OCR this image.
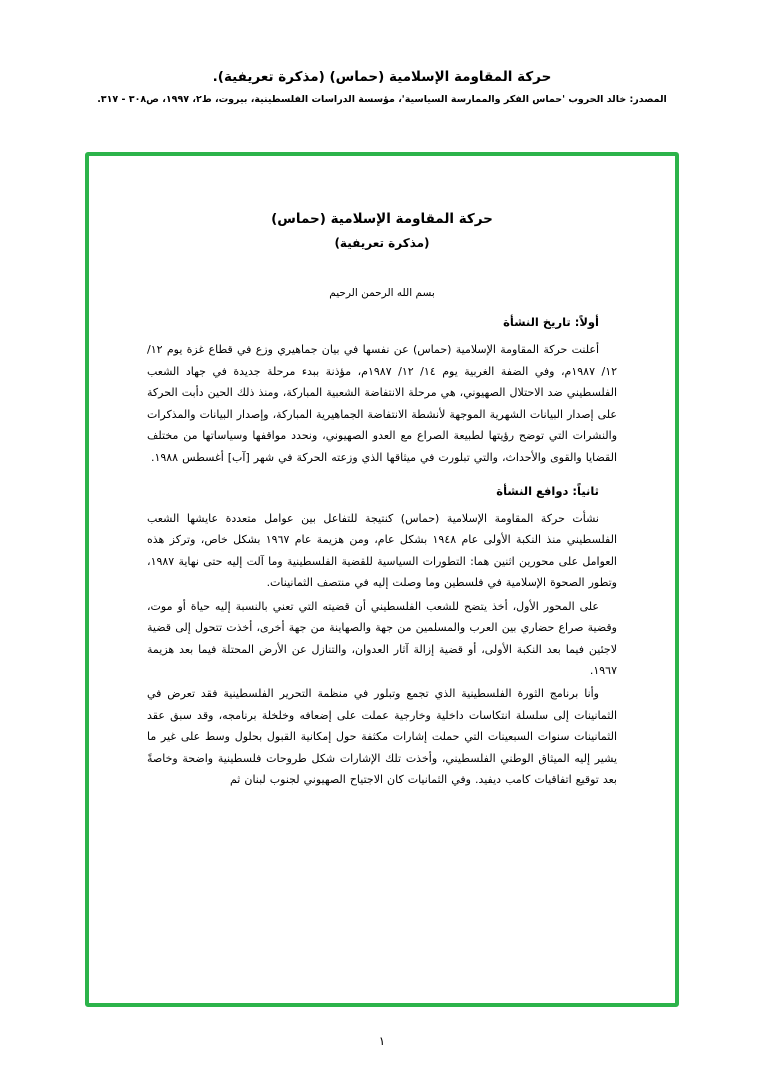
حركة المقاومة الإسلامية (حماس) (مذكرة تعريفية).
المصدر: خالد الحروب 'حماس الفكر والممارسة السياسية'، مؤسسة الدراسات الفلسطينية، بيروت، ط٢، ١٩٩٧، ص٣٠٨ - ٣١٧.
حركة المقاومة الإسلامية (حماس)
(مذكرة تعريفية)
بسم الله الرحمن الرحيم
أولاً: تاريخ النشأة

أعلنت حركة المقاومة الإسلامية (حماس) عن نفسها في بيان جماهيري وزع في قطاع غزة يوم ١٢/ ١٢/ ١٩٨٧م، وفي الضفة الغربية يوم ١٤/ ١٢/ ١٩٨٧م، مؤذنة ببدء مرحلة جديدة في جهاد الشعب الفلسطيني ضد الاحتلال الصهيوني، هي مرحلة الانتفاضة الشعبية المباركة، ومنذ ذلك الحين دأبت الحركة على إصدار البيانات الشهرية الموجهة لأنشطة الانتفاضة الجماهيرية المباركة، وإصدار البيانات والمذكرات والنشرات التي توضح رؤيتها لطبيعة الصراع مع العدو الصهيوني، ونحدد مواقفها وسياساتها من مختلف القضايا والقوى والأحداث، والتي تبلورت في ميثاقها الذي وزعته الحركة في شهر [آب] أغسطس ١٩٨٨.

ثانياً: دوافع النشأة

نشأت حركة المقاومة الإسلامية (حماس) كنتيجة للتفاعل بين عوامل متعددة عايشها الشعب الفلسطيني منذ النكبة الأولى عام ١٩٤٨ بشكل عام، ومن هزيمة عام ١٩٦٧ بشكل خاص، وتركز هذه العوامل على محورين اثنين هما: التطورات السياسية للقضية الفلسطينية وما آلت إليه حتى نهاية ١٩٨٧، وتطور الصحوة الإسلامية في فلسطين وما وصلت إليه في منتصف الثمانينات.

على المحور الأول، أخذ يتضح للشعب الفلسطيني أن قضيته التي تعني بالنسبة إليه حياة أو موت، وقضية صراع حضاري بين العرب والمسلمين من جهة والصهاينة من جهة أخرى، أخذت تتحول إلى قضية لاجئين فيما بعد النكبة الأولى، أو قضية إزالة آثار العدوان، والتنازل عن الأرض المحتلة فيما بعد هزيمة ١٩٦٧.

وأنا برنامج الثورة الفلسطينية الذي تجمع وتبلور في منظمة التحرير الفلسطينية فقد تعرض في الثمانينات إلى سلسلة انتكاسات داخلية وخارجية عملت على إضعافه وخلخلة برنامجه، وقد سبق عقد الثمانينات سنوات السبعينات التي حملت إشارات مكثفة حول إمكانية القبول بحلول وسط على غير ما يشير إليه الميثاق الوطني الفلسطيني، وأخذت تلك الإشارات شكل طروحات فلسطينية واضحة وخاصةً بعد توقيع اتفاقيات كامب ديفيد. وفي الثمانيات كان الاجتياح الصهيوني لجنوب لبنان ثم

١
